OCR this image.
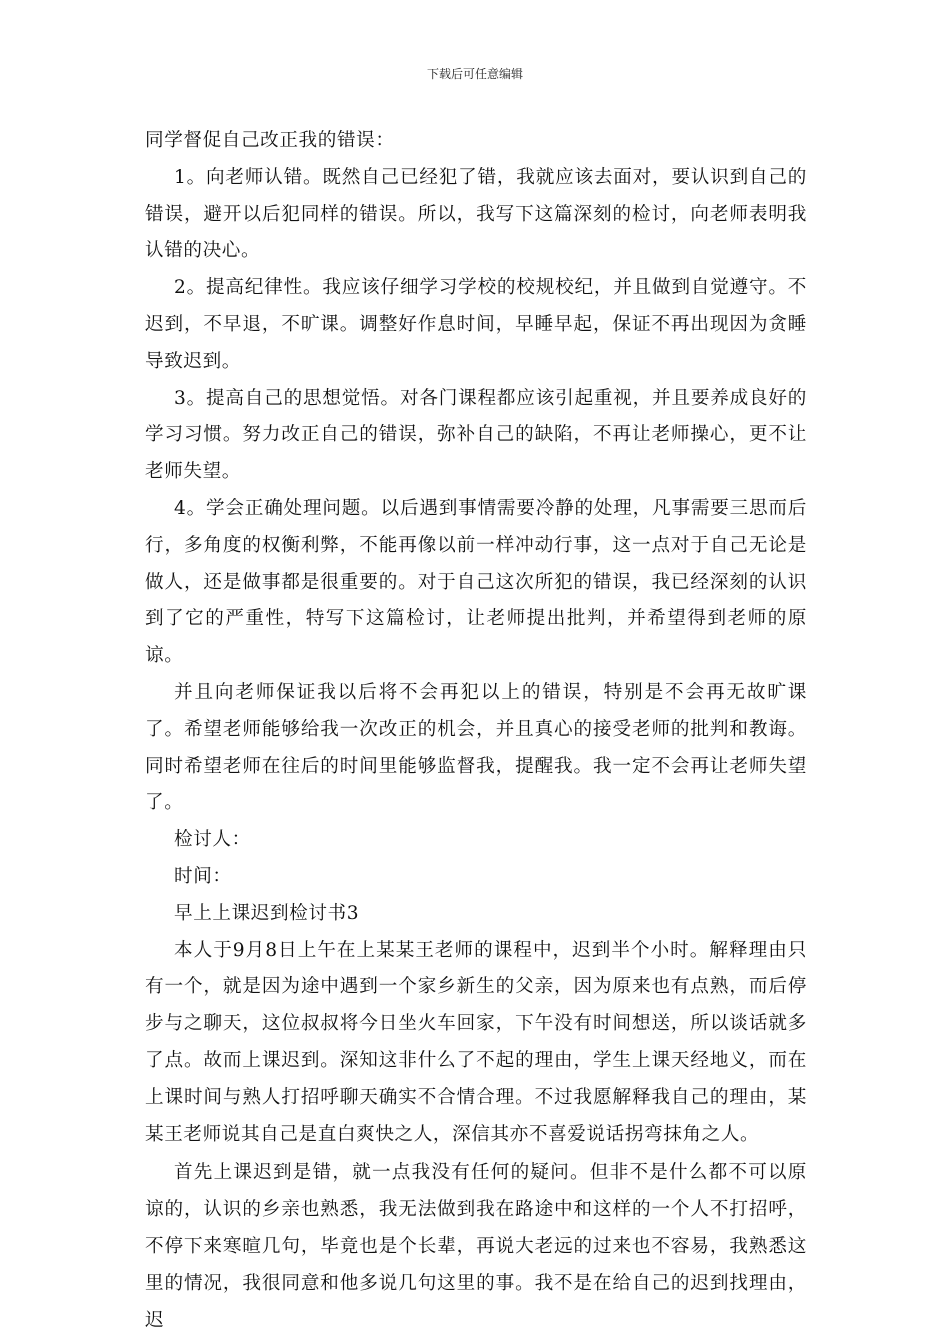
下载后可任意编辑

同学督促自己改正我的错误：

1。向老师认错。既然自己已经犯了错，我就应该去面对，要认识到自己的错误，避开以后犯同样的错误。所以，我写下这篇深刻的检讨，向老师表明我认错的决心。

2。提高纪律性。我应该仔细学习学校的校规校纪，并且做到自觉遵守。不迟到，不早退，不旷课。调整好作息时间，早睡早起，保证不再出现因为贪睡导致迟到。

3。提高自己的思想觉悟。对各门课程都应该引起重视，并且要养成良好的学习习惯。努力改正自己的错误，弥补自己的缺陷，不再让老师操心，更不让老师失望。

4。学会正确处理问题。以后遇到事情需要冷静的处理，凡事需要三思而后行，多角度的权衡利弊，不能再像以前一样冲动行事，这一点对于自己无论是做人，还是做事都是很重要的。对于自己这次所犯的错误，我已经深刻的认识到了它的严重性，特写下这篇检讨，让老师提出批判，并希望得到老师的原谅。

并且向老师保证我以后将不会再犯以上的错误，特别是不会再无故旷课了。希望老师能够给我一次改正的机会，并且真心的接受老师的批判和教诲。同时希望老师在往后的时间里能够监督我，提醒我。我一定不会再让老师失望了。

检讨人：

时间：

早上上课迟到检讨书3

本人于9月8日上午在上某某王老师的课程中，迟到半个小时。解释理由只有一个，就是因为途中遇到一个家乡新生的父亲，因为原来也有点熟，而后停步与之聊天，这位叔叔将今日坐火车回家，下午没有时间想送，所以谈话就多了点。故而上课迟到。深知这非什么了不起的理由，学生上课天经地义，而在上课时间与熟人打招呼聊天确实不合情合理。不过我愿解释我自己的理由，某某王老师说其自己是直白爽快之人，深信其亦不喜爱说话拐弯抹角之人。

首先上课迟到是错，就一点我没有任何的疑问。但非不是什么都不可以原谅的，认识的乡亲也熟悉，我无法做到我在路途中和这样的一个人不打招呼，不停下来寒暄几句，毕竟也是个长辈，再说大老远的过来也不容易，我熟悉这里的情况，我很同意和他多说几句这里的事。我不是在给自己的迟到找理由，迟
